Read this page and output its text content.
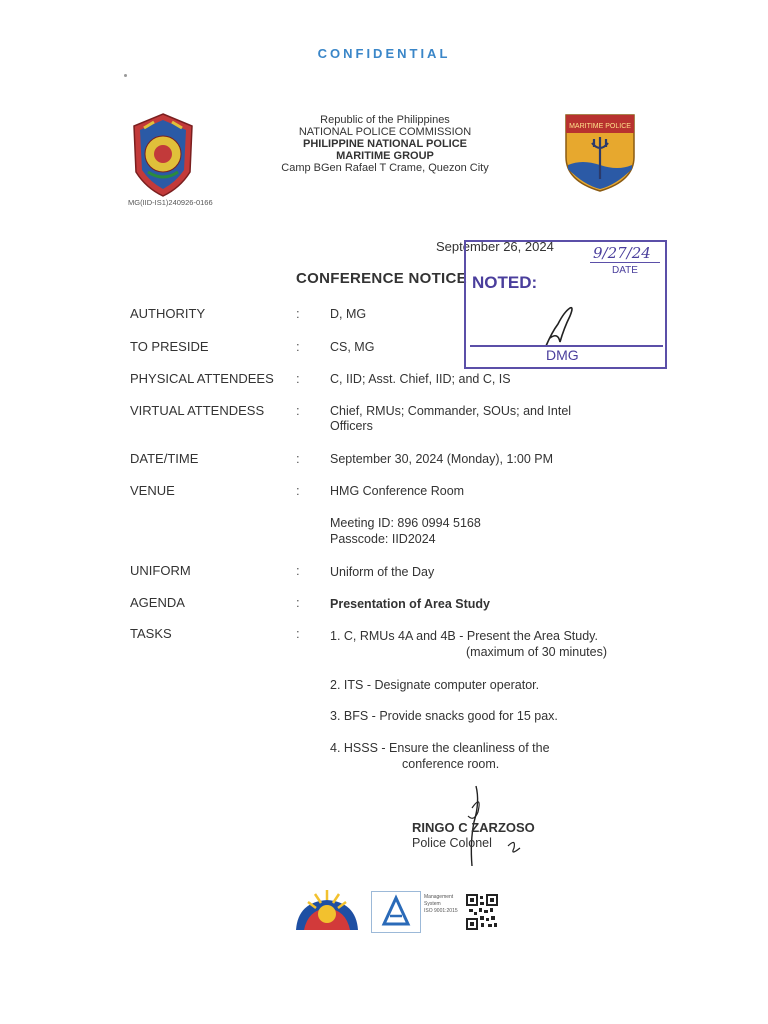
CONFIDENTIAL
MG(IID-IS1)240926-0166
Republic of the Philippines
NATIONAL POLICE COMMISSION
PHILIPPINE NATIONAL POLICE
MARITIME GROUP
Camp BGen Rafael T Crame, Quezon City
MARITIME POLICE
September 26, 2024
CONFERENCE NOTICE NOTED:
9/27/24
DATE
DMG
AUTHORITY	: D, MG
TO PRESIDE	: CS, MG
PHYSICAL ATTENDEES : C, IID; Asst. Chief, IID; and C, IS
VIRTUAL ATTENDESS : Chief, RMUs; Commander, SOUs; and Intel
Officers
DATE/TIME	: September 30, 2024 (Monday), 1:00 PM
VENUE	: HMG Conference Room
Meeting ID: 896 0994 5168
Passcode: IID2024
UNIFORM	: Uniform of the Day
AGENDA	: Presentation of Area Study
TASKS	: 1. C, RMUs 4A and 4B - Present the Area Study.
(maximum of 30 minutes)
2. ITS - Designate computer operator.
3. BFS - Provide snacks good for 15 pax.
4. HSSS - Ensure the cleanliness of the
conference room.
RINGO C ZARZOSO
Police Colonel
Management
System
ISO 9001:2015
